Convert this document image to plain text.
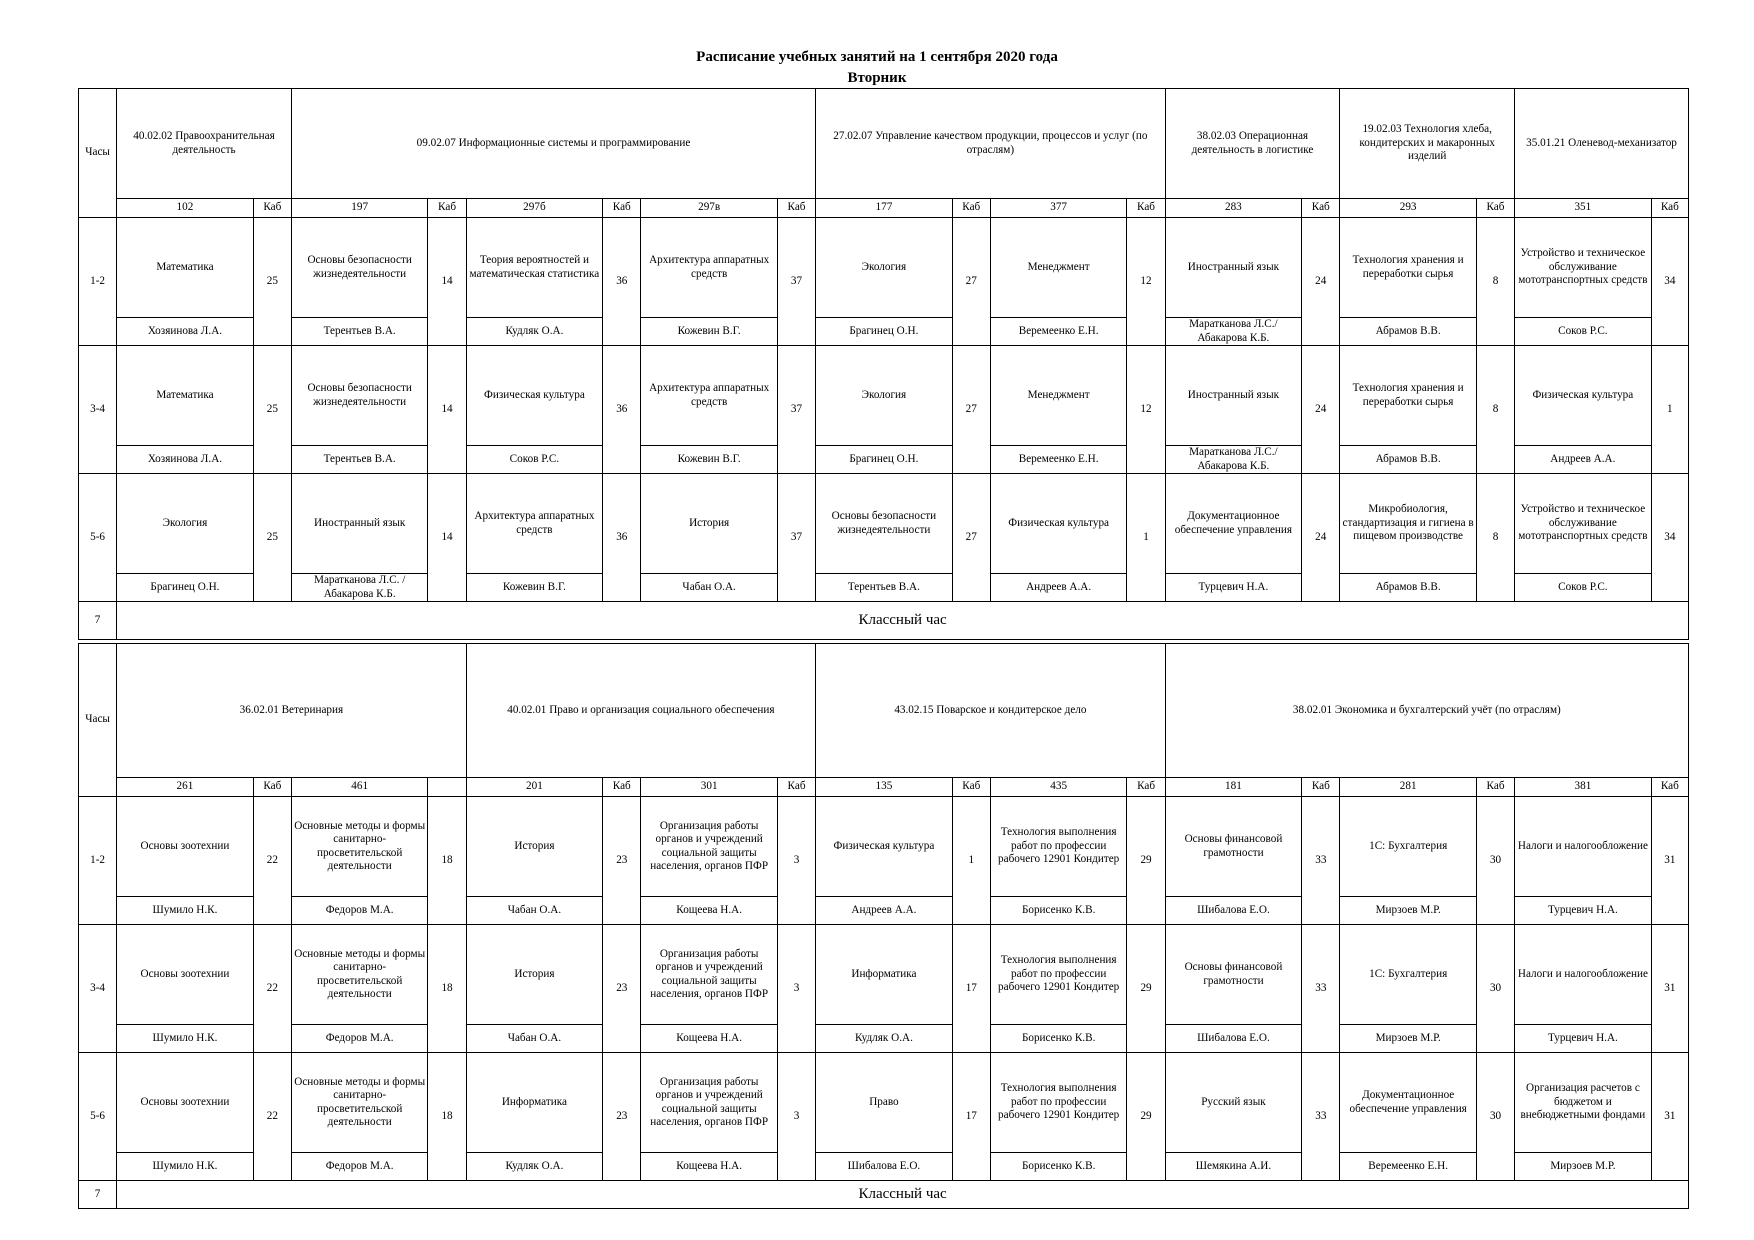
Расписание учебных занятий на 1 сентября 2020 года
Вторник
Часы	40.02.02 Правоохранительная деятельность		09.02.07 Информационные системы и программирование						27.02.07 Управление качеством продукции, процессов и услуг (по отраслям)				38.02.03 Операционная деятельность в логистике		19.02.03 Технология хлеба, кондитерских и макаронных изделий		35.01.21 Оленевод-механизатор	
	102	Каб	197	Каб	297б	Каб	297в	Каб	177	Каб	377	Каб	283	Каб	293	Каб	351	Каб
1-2	Математика	25	Основы безопасности жизнедеятельности	14	Теория вероятностей и математическая статистика	36	Архитектура аппаратных средств	37	Экология	27	Менеджмент	12	Иностранный язык	24	Технология хранения и переработки сырья	8	Устройство и техническое обслуживание мототранспортных средств	34
	Хозяинова Л.А.		Терентьев В.А.		Кудляк О.А.		Кожевин В.Г.		Брагинец О.Н.		Веремеенко Е.Н.		Маратканова Л.С./Абакарова К.Б.		Абрамов В.В.		Соков Р.С.	
3-4	Математика	25	Основы безопасности жизнедеятельности	14	Физическая культура	36	Архитектура аппаратных средств	37	Экология	27	Менеджмент	12	Иностранный язык	24	Технология хранения и переработки сырья	8	Физическая культура	1
	Хозяинова Л.А.		Терентьев В.А.		Соков Р.С.		Кожевин В.Г.		Брагинец О.Н.		Веремеенко Е.Н.		Маратканова Л.С./Абакарова К.Б.		Абрамов В.В.		Андреев А.А.	
5-6	Экология	25	Иностранный язык	14	Архитектура аппаратных средств	36	История	37	Основы безопасности жизнедеятельности	27	Физическая культура	1	Документационное обеспечение управления	24	Микробиология, стандартизация и гигиена в пищевом производстве	8	Устройство и техническое обслуживание мототранспортных средств	34
	Брагинец О.Н.		Маратканова Л.С. /Абакарова К.Б.		Кожевин В.Г.		Чабан О.А.		Терентьев В.А.		Андреев А.А.		Турцевич Н.А.		Абрамов В.В.		Соков Р.С.	
7	Классный час																	
Часы	36.02.01 Ветеринария				40.02.01 Право и организация социального обеспечения				43.02.15 Поварское и кондитерское дело				38.02.01 Экономика и бухгалтерский учёт (по отраслям)					
	261	Каб	461		201	Каб	301	Каб	135	Каб	435	Каб	181	Каб	281	Каб	381	Каб
1-2	Основы зоотехнии	22	Основные методы и формы санитарно-просветительской деятельности	18	История	23	Организация работы органов и учреждений социальной защиты населения, органов ПФР	3	Физическая культура	1	Технология выполнения работ по профессии рабочего 12901 Кондитер	29	Основы финансовой грамотности	33	1С: Бухгалтерия	30	Налоги и налогообложение	31
	Шумило Н.К.		Федоров М.А.		Чабан О.А.		Кощеева Н.А.		Андреев А.А.		Борисенко К.В.		Шибалова Е.О.		Мирзоев М.Р.		Турцевич Н.А.	
3-4	Основы зоотехнии	22	Основные методы и формы санитарно-просветительской деятельности	18	История	23	Организация работы органов и учреждений социальной защиты населения, органов ПФР	3	Информатика	17	Технология выполнения работ по профессии рабочего 12901 Кондитер	29	Основы финансовой грамотности	33	1С: Бухгалтерия	30	Налоги и налогообложение	31
	Шумило Н.К.		Федоров М.А.		Чабан О.А.		Кощеева Н.А.		Кудляк О.А.		Борисенко К.В.		Шибалова Е.О.		Мирзоев М.Р.		Турцевич Н.А.	
5-6	Основы зоотехнии	22	Основные методы и формы санитарно-просветительской деятельности	18	Информатика	23	Организация работы органов и учреждений социальной защиты населения, органов ПФР	3	Право	17	Технология выполнения работ по профессии рабочего 12901 Кондитер	29	Русский язык	33	Документационное обеспечение управления	30	Организация расчетов с бюджетом и внебюджетными фондами	31
	Шумило Н.К.		Федоров М.А.		Кудляк О.А.		Кощеева Н.А.		Шибалова Е.О.		Борисенко К.В.		Шемякина А.И.		Веремеенко Е.Н.		Мирзоев М.Р.	
7	Классный час																	
